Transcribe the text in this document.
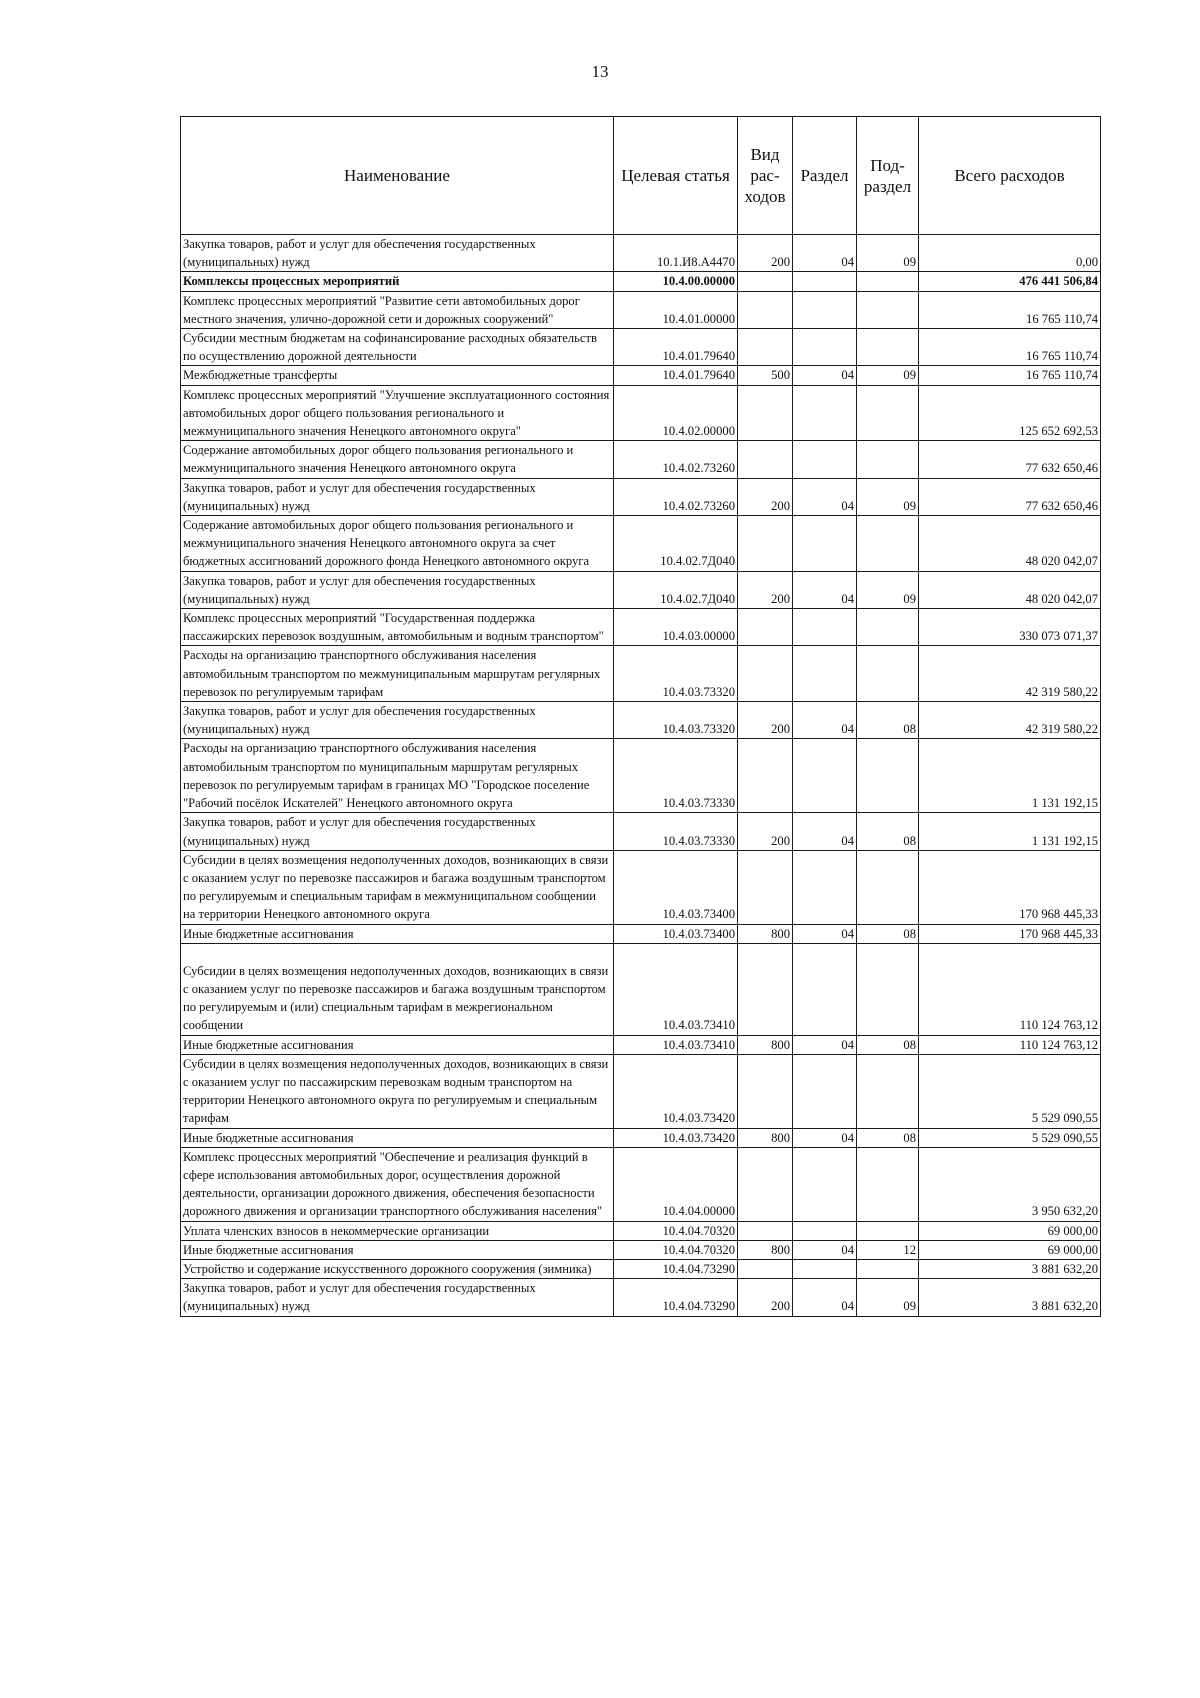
13
Наименование	Целевая статья	Вид рас-ходов	Раздел	Под-раздел	Всего расходов
Закупка товаров, работ и услуг для обеспечения государственных (муниципальных) нужд	10.1.И8.А4470	200	04	09	0,00
Комплексы процессных мероприятий	10.4.00.00000				476 441 506,84
Комплекс процессных мероприятий "Развитие сети автомобильных дорог местного значения, улично-дорожной сети и дорожных сооружений"	10.4.01.00000				16 765 110,74
Субсидии местным бюджетам на софинансирование расходных обязательств по осуществлению дорожной деятельности	10.4.01.79640				16 765 110,74
Межбюджетные трансферты	10.4.01.79640	500	04	09	16 765 110,74
Комплекс процессных мероприятий "Улучшение эксплуатационного состояния автомобильных дорог общего пользования регионального и межмуниципального значения Ненецкого автономного округа"	10.4.02.00000				125 652 692,53
Содержание автомобильных дорог общего пользования регионального и межмуниципального значения Ненецкого автономного округа	10.4.02.73260				77 632 650,46
Закупка товаров, работ и услуг для обеспечения государственных (муниципальных) нужд	10.4.02.73260	200	04	09	77 632 650,46
Содержание автомобильных дорог общего пользования регионального и межмуниципального значения Ненецкого автономного округа за счет бюджетных ассигнований дорожного фонда Ненецкого автономного округа	10.4.02.7Д040				48 020 042,07
Закупка товаров, работ и услуг для обеспечения государственных (муниципальных) нужд	10.4.02.7Д040	200	04	09	48 020 042,07
Комплекс процессных мероприятий "Государственная поддержка пассажирских перевозок воздушным, автомобильным и водным транспортом"	10.4.03.00000				330 073 071,37
Расходы на организацию транспортного обслуживания населения автомобильным транспортом по межмуниципальным маршрутам регулярных перевозок по регулируемым тарифам	10.4.03.73320				42 319 580,22
Закупка товаров, работ и услуг для обеспечения государственных (муниципальных) нужд	10.4.03.73320	200	04	08	42 319 580,22
Расходы на организацию транспортного обслуживания населения автомобильным транспортом по муниципальным маршрутам регулярных перевозок по регулируемым тарифам в границах МО "Городское поселение "Рабочий посёлок Искателей" Ненецкого автономного округа	10.4.03.73330				1 131 192,15
Закупка товаров, работ и услуг для обеспечения государственных (муниципальных) нужд	10.4.03.73330	200	04	08	1 131 192,15
Субсидии в целях возмещения недополученных доходов, возникающих в связи с оказанием услуг по перевозке пассажиров и багажа воздушным транспортом по регулируемым и специальным тарифам в межмуниципальном сообщении на территории Ненецкого автономного округа	10.4.03.73400				170 968 445,33
Иные бюджетные ассигнования	10.4.03.73400	800	04	08	170 968 445,33
Субсидии в целях возмещения недополученных доходов, возникающих в связи с оказанием услуг по перевозке пассажиров и багажа воздушным транспортом по регулируемым и (или) специальным тарифам в межрегиональном сообщении	10.4.03.73410				110 124 763,12
Иные бюджетные ассигнования	10.4.03.73410	800	04	08	110 124 763,12
Субсидии в целях возмещения недополученных доходов, возникающих в связи с оказанием услуг по пассажирским перевозкам водным транспортом на территории Ненецкого автономного округа по регулируемым и специальным тарифам	10.4.03.73420				5 529 090,55
Иные бюджетные ассигнования	10.4.03.73420	800	04	08	5 529 090,55
Комплекс процессных мероприятий "Обеспечение и реализация функций в сфере использования автомобильных дорог, осуществления дорожной деятельности, организации дорожного движения, обеспечения безопасности дорожного движения и организации транспортного обслуживания населения"	10.4.04.00000				3 950 632,20
Уплата членских взносов в некоммерческие организации	10.4.04.70320				69 000,00
Иные бюджетные ассигнования	10.4.04.70320	800	04	12	69 000,00
Устройство и содержание искусственного дорожного сооружения (зимника)	10.4.04.73290				3 881 632,20
Закупка товаров, работ и услуг для обеспечения государственных (муниципальных) нужд	10.4.04.73290	200	04	09	3 881 632,20
